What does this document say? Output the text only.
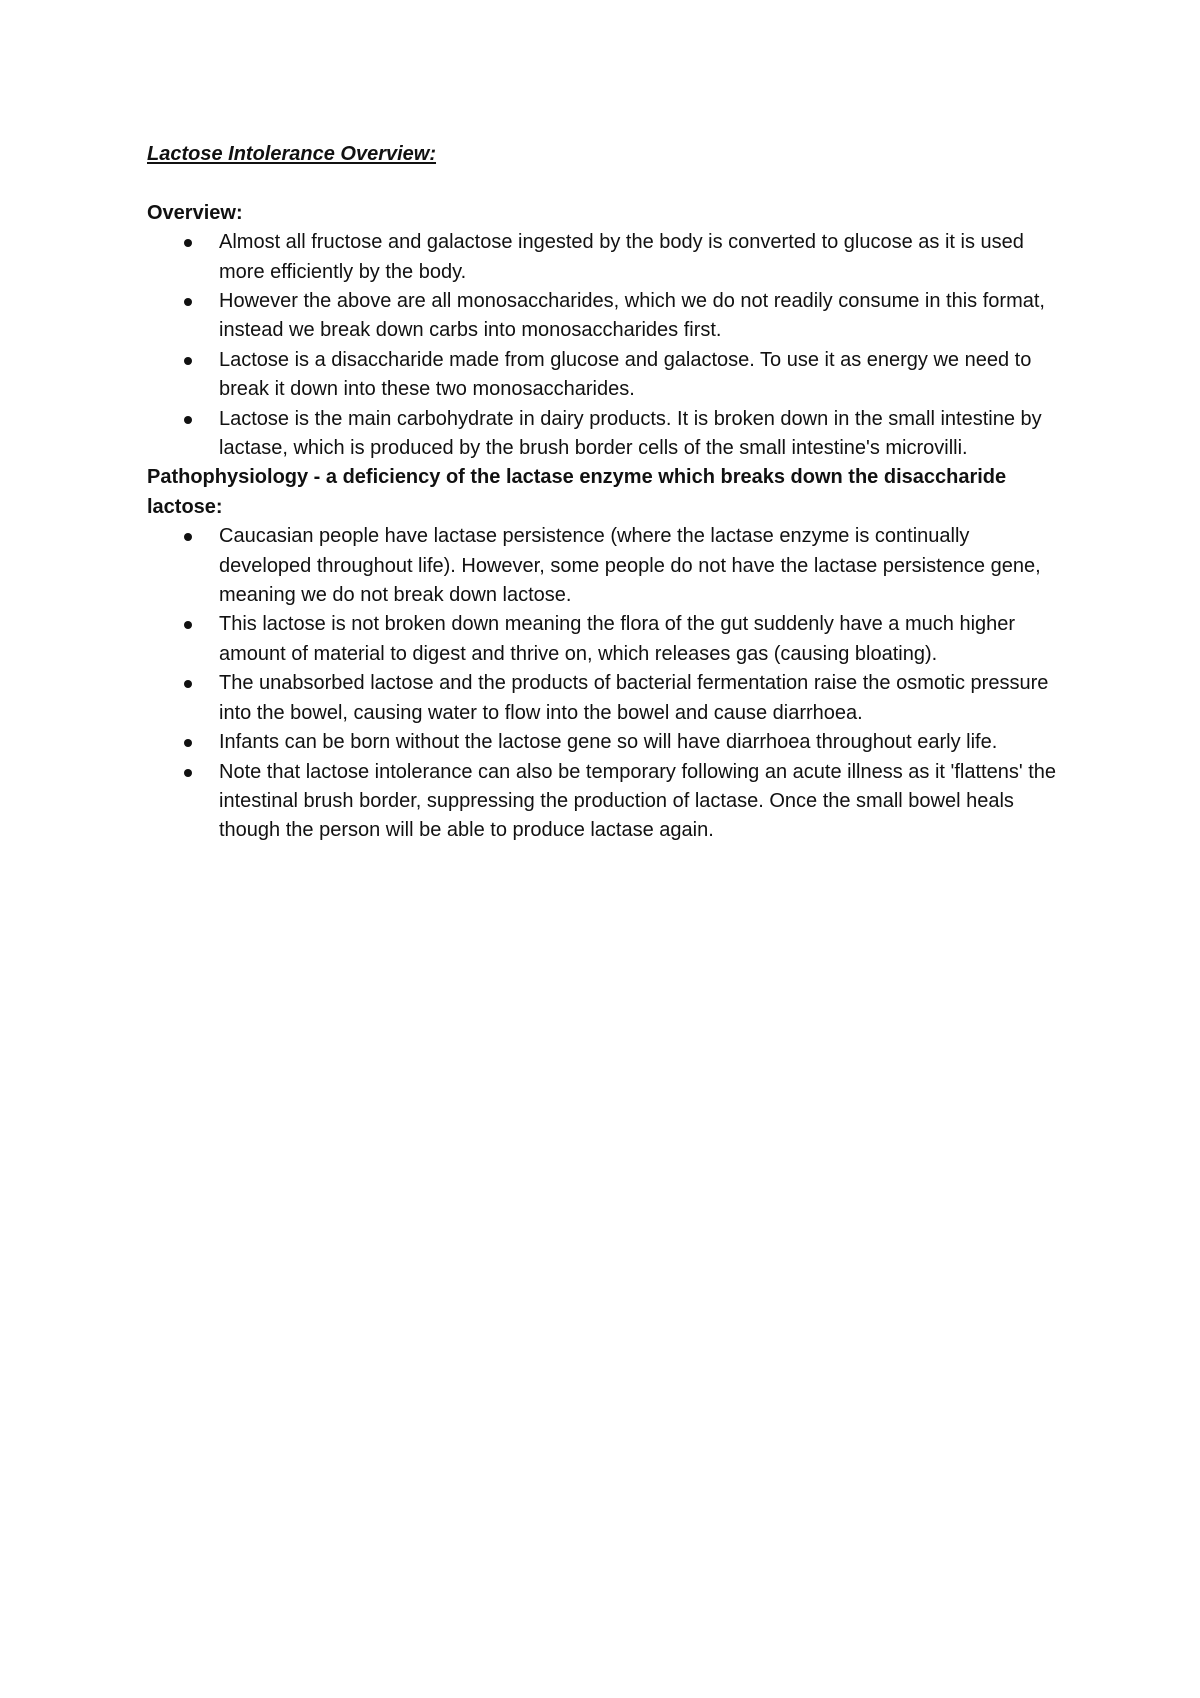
Lactose Intolerance Overview:

Overview:

Almost all fructose and galactose ingested by the body is converted to glucose as it is used more efficiently by the body.
However the above are all monosaccharides, which we do not readily consume in this format, instead we break down carbs into monosaccharides first.
Lactose is a disaccharide made from glucose and galactose. To use it as energy we need to break it down into these two monosaccharides.
Lactose is the main carbohydrate in dairy products. It is broken down in the small intestine by lactase, which is produced by the brush border cells of the small intestine's microvilli.

Pathophysiology - a deficiency of the lactase enzyme which breaks down the disaccharide lactose:

Caucasian people have lactase persistence (where the lactase enzyme is continually developed throughout life). However, some people do not have the lactase persistence gene, meaning we do not break down lactose.
This lactose is not broken down meaning the flora of the gut suddenly have a much higher amount of material to digest and thrive on, which releases gas (causing bloating).
The unabsorbed lactose and the products of bacterial fermentation raise the osmotic pressure into the bowel, causing water to flow into the bowel and cause diarrhoea.
Infants can be born without the lactose gene so will have diarrhoea throughout early life.
Note that lactose intolerance can also be temporary following an acute illness as it 'flattens' the intestinal brush border, suppressing the production of lactase. Once the small bowel heals though the person will be able to produce lactase again.
